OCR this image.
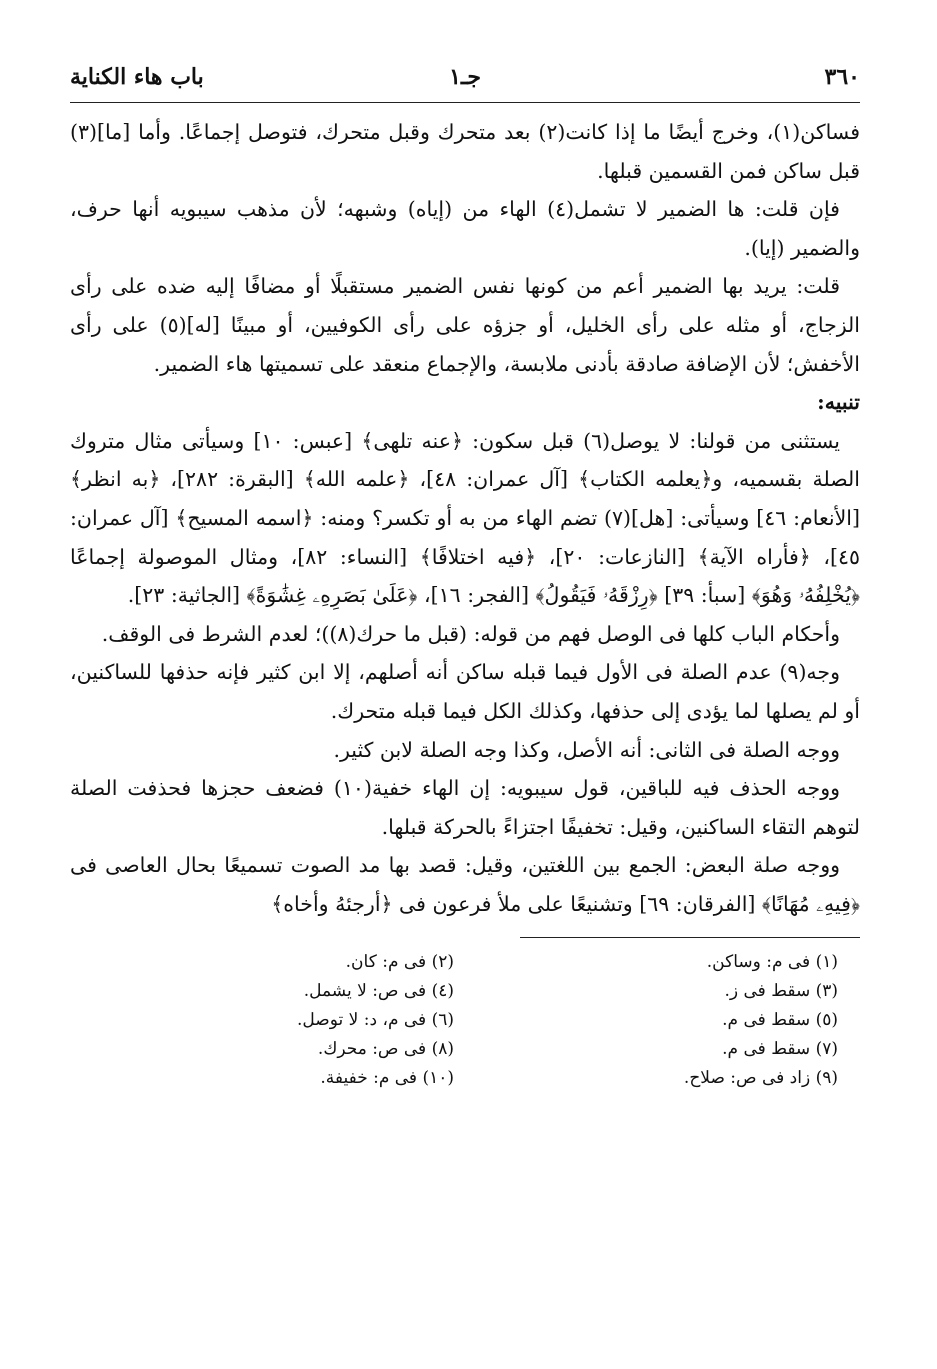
٣٦٠
جـ١
باب هاء الكناية

فساكن(١)، وخرج أيضًا ما إذا كانت(٢) بعد متحرك وقبل متحرك، فتوصل إجماعًا. وأما [ما](٣) قبل ساكن فمن القسمين قبلها.

فإن قلت: ها الضمير لا تشمل(٤) الهاء من (إياه) وشبهه؛ لأن مذهب سيبويه أنها حرف، والضمير (إيا).

قلت: يريد بها الضمير أعم من كونها نفس الضمير مستقبلًا أو مضافًا إليه ضده على رأى الزجاج، أو مثله على رأى الخليل، أو جزؤه على رأى الكوفيين، أو مبينًا [له](٥) على رأى الأخفش؛ لأن الإضافة صادقة بأدنى ملابسة، والإجماع منعقد على تسميتها هاء الضمير.

تنبيه:

يستثنى من قولنا: لا يوصل(٦) قبل سكون: ﴿عنه تلهى﴾ [عبس: ١٠] وسيأتى مثال متروك الصلة بقسميه، و﴿يعلمه الكتاب﴾ [آل عمران: ٤٨]، ﴿علمه الله﴾ [البقرة: ٢٨٢]، ﴿به انظر﴾ [الأنعام: ٤٦] وسيأتى: [هل](٧) تضم الهاء من به أو تكسر؟ ومنه: ﴿اسمه المسيح﴾ [آل عمران: ٤٥]، ﴿فأراه الآية﴾ [النازعات: ٢٠]، ﴿فيه اختلافًا﴾ [النساء: ٨٢]، ومثال الموصولة إجماعًا ﴿يُخْلِفُهُۥ وَهُوَ﴾ [سبأ: ٣٩] ﴿رِزْقَهُۥ فَيَقُولُ﴾ [الفجر: ١٦]، ﴿عَلَىٰ بَصَرِهِۦ غِشَٰوَةً﴾ [الجاثية: ٢٣].

وأحكام الباب كلها فى الوصل فهم من قوله: (قبل ما حرك(٨))؛ لعدم الشرط فى الوقف.

وجه(٩) عدم الصلة فى الأول فيما قبله ساكن أنه أصلهم، إلا ابن كثير فإنه حذفها للساكنين، أو لم يصلها لما يؤدى إلى حذفها، وكذلك الكل فيما قبله متحرك.

ووجه الصلة فى الثانى: أنه الأصل، وكذا وجه الصلة لابن كثير.

ووجه الحذف فيه للباقين، قول سيبويه: إن الهاء خفية(١٠) فضعف حجزها فحذفت الصلة لتوهم التقاء الساكنين، وقيل: تخفيفًا اجتزاءً بالحركة قبلها.

ووجه صلة البعض: الجمع بين اللغتين، وقيل: قصد بها مد الصوت تسميعًا بحال العاصى فى ﴿فِيهِۦ مُهَانًا﴾ [الفرقان: ٦٩] وتشنيعًا على ملأ فرعون فى ﴿أرجئهُ وأخاه﴾

(١) فى م: وساكن.
(٣) سقط فى ز.
(٥) سقط فى م.
(٧) سقط فى م.
(٩) زاد فى ص: صلاح.
(٢) فى م: كان.
(٤) فى ص: لا يشمل.
(٦) فى م، د: لا توصل.
(٨) فى ص: محرك.
(١٠) فى م: خفيفة.
